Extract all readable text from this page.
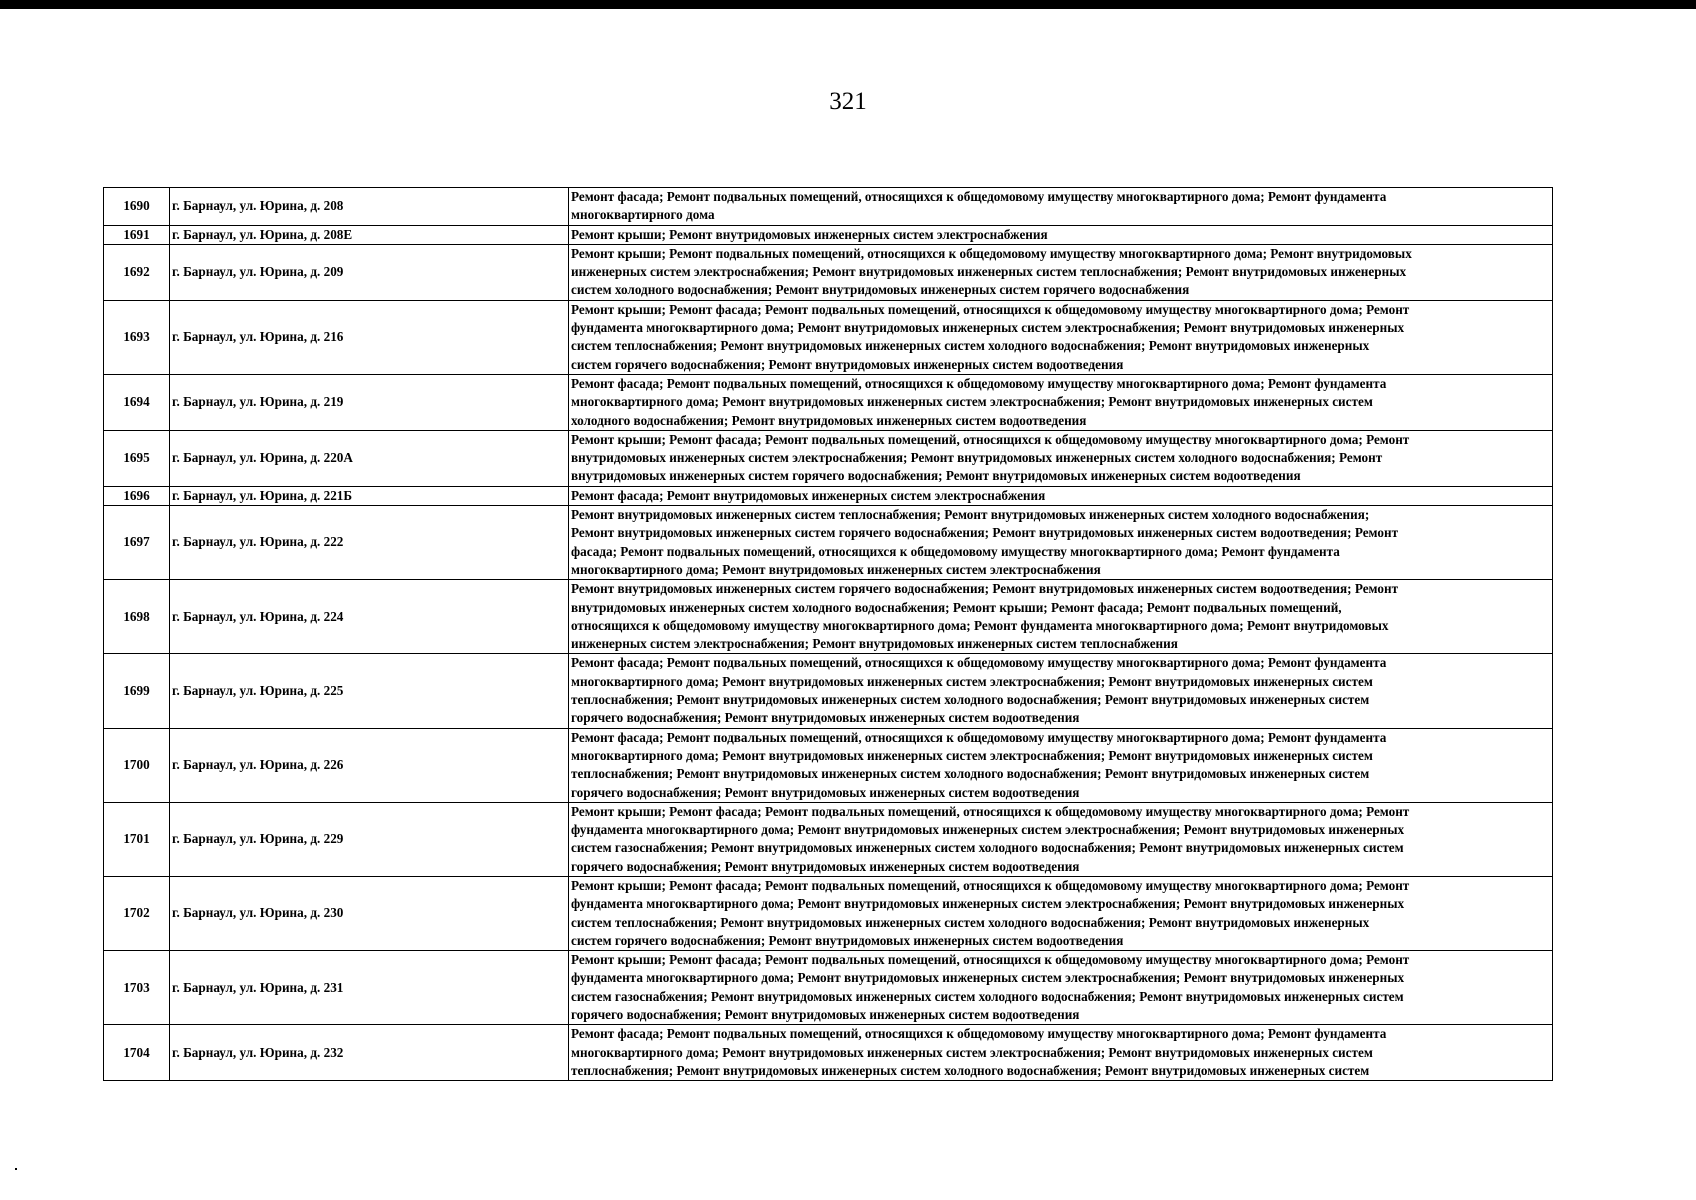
321
1690	г. Барнаул, ул. Юрина, д. 208	Ремонт фасада; Ремонт подвальных помещений, относящихся к общедомовому имуществу многоквартирного дома; Ремонт фундамента
многоквартирного дома

1691	г. Барнаул, ул. Юрина, д. 208Е	Ремонт крыши; Ремонт внутридомовых инженерных систем электроснабжения

1692	г. Барнаул, ул. Юрина, д. 209	Ремонт крыши; Ремонт подвальных помещений, относящихся к общедомовому имуществу многоквартирного дома; Ремонт внутридомовых
инженерных систем электроснабжения; Ремонт внутридомовых инженерных систем теплоснабжения; Ремонт внутридомовых инженерных
систем холодного водоснабжения; Ремонт внутридомовых инженерных систем горячего водоснабжения

1693	г. Барнаул, ул. Юрина, д. 216	Ремонт крыши; Ремонт фасада; Ремонт подвальных помещений, относящихся к общедомовому имуществу многоквартирного дома; Ремонт
фундамента многоквартирного дома; Ремонт внутридомовых инженерных систем электроснабжения; Ремонт внутридомовых инженерных
систем теплоснабжения; Ремонт внутридомовых инженерных систем холодного водоснабжения; Ремонт внутридомовых инженерных
систем горячего водоснабжения; Ремонт внутридомовых инженерных систем водоотведения

1694	г. Барнаул, ул. Юрина, д. 219	Ремонт фасада; Ремонт подвальных помещений, относящихся к общедомовому имуществу многоквартирного дома; Ремонт фундамента
многоквартирного дома; Ремонт внутридомовых инженерных систем электроснабжения; Ремонт внутридомовых инженерных систем
холодного водоснабжения; Ремонт внутридомовых инженерных систем водоотведения

1695	г. Барнаул, ул. Юрина, д. 220А	Ремонт крыши; Ремонт фасада; Ремонт подвальных помещений, относящихся к общедомовому имуществу многоквартирного дома; Ремонт
внутридомовых инженерных систем электроснабжения; Ремонт внутридомовых инженерных систем холодного водоснабжения; Ремонт
внутридомовых инженерных систем горячего водоснабжения; Ремонт внутридомовых инженерных систем водоотведения

1696	г. Барнаул, ул. Юрина, д. 221Б	Ремонт фасада; Ремонт внутридомовых инженерных систем электроснабжения

1697	г. Барнаул, ул. Юрина, д. 222	Ремонт внутридомовых инженерных систем теплоснабжения; Ремонт внутридомовых инженерных систем холодного водоснабжения;
Ремонт внутридомовых инженерных систем горячего водоснабжения; Ремонт внутридомовых инженерных систем водоотведения; Ремонт
фасада; Ремонт подвальных помещений, относящихся к общедомовому имуществу многоквартирного дома; Ремонт фундамента
многоквартирного дома; Ремонт внутридомовых инженерных систем электроснабжения

1698	г. Барнаул, ул. Юрина, д. 224	Ремонт внутридомовых инженерных систем горячего водоснабжения; Ремонт внутридомовых инженерных систем водоотведения; Ремонт
внутридомовых инженерных систем холодного водоснабжения; Ремонт крыши; Ремонт фасада; Ремонт подвальных помещений,
относящихся к общедомовому имуществу многоквартирного дома; Ремонт фундамента многоквартирного дома; Ремонт внутридомовых
инженерных систем электроснабжения; Ремонт внутридомовых инженерных систем теплоснабжения

1699	г. Барнаул, ул. Юрина, д. 225	Ремонт фасада; Ремонт подвальных помещений, относящихся к общедомовому имуществу многоквартирного дома; Ремонт фундамента
многоквартирного дома; Ремонт внутридомовых инженерных систем электроснабжения; Ремонт внутридомовых инженерных систем
теплоснабжения; Ремонт внутридомовых инженерных систем холодного водоснабжения; Ремонт внутридомовых инженерных систем
горячего водоснабжения; Ремонт внутридомовых инженерных систем водоотведения

1700	г. Барнаул, ул. Юрина, д. 226	Ремонт фасада; Ремонт подвальных помещений, относящихся к общедомовому имуществу многоквартирного дома; Ремонт фундамента
многоквартирного дома; Ремонт внутридомовых инженерных систем электроснабжения; Ремонт внутридомовых инженерных систем
теплоснабжения; Ремонт внутридомовых инженерных систем холодного водоснабжения; Ремонт внутридомовых инженерных систем
горячего водоснабжения; Ремонт внутридомовых инженерных систем водоотведения

1701	г. Барнаул, ул. Юрина, д. 229	Ремонт крыши; Ремонт фасада; Ремонт подвальных помещений, относящихся к общедомовому имуществу многоквартирного дома; Ремонт
фундамента многоквартирного дома; Ремонт внутридомовых инженерных систем электроснабжения; Ремонт внутридомовых инженерных
систем газоснабжения; Ремонт внутридомовых инженерных систем холодного водоснабжения; Ремонт внутридомовых инженерных систем
горячего водоснабжения; Ремонт внутридомовых инженерных систем водоотведения

1702	г. Барнаул, ул. Юрина, д. 230	Ремонт крыши; Ремонт фасада; Ремонт подвальных помещений, относящихся к общедомовому имуществу многоквартирного дома; Ремонт
фундамента многоквартирного дома; Ремонт внутридомовых инженерных систем электроснабжения; Ремонт внутридомовых инженерных
систем теплоснабжения; Ремонт внутридомовых инженерных систем холодного водоснабжения; Ремонт внутридомовых инженерных
систем горячего водоснабжения; Ремонт внутридомовых инженерных систем водоотведения

1703	г. Барнаул, ул. Юрина, д. 231	Ремонт крыши; Ремонт фасада; Ремонт подвальных помещений, относящихся к общедомовому имуществу многоквартирного дома; Ремонт
фундамента многоквартирного дома; Ремонт внутридомовых инженерных систем электроснабжения; Ремонт внутридомовых инженерных
систем газоснабжения; Ремонт внутридомовых инженерных систем холодного водоснабжения; Ремонт внутридомовых инженерных систем
горячего водоснабжения; Ремонт внутридомовых инженерных систем водоотведения

1704	г. Барнаул, ул. Юрина, д. 232	Ремонт фасада; Ремонт подвальных помещений, относящихся к общедомовому имуществу многоквартирного дома; Ремонт фундамента
многоквартирного дома; Ремонт внутридомовых инженерных систем электроснабжения; Ремонт внутридомовых инженерных систем
теплоснабжения; Ремонт внутридомовых инженерных систем холодного водоснабжения; Ремонт внутридомовых инженерных систем
